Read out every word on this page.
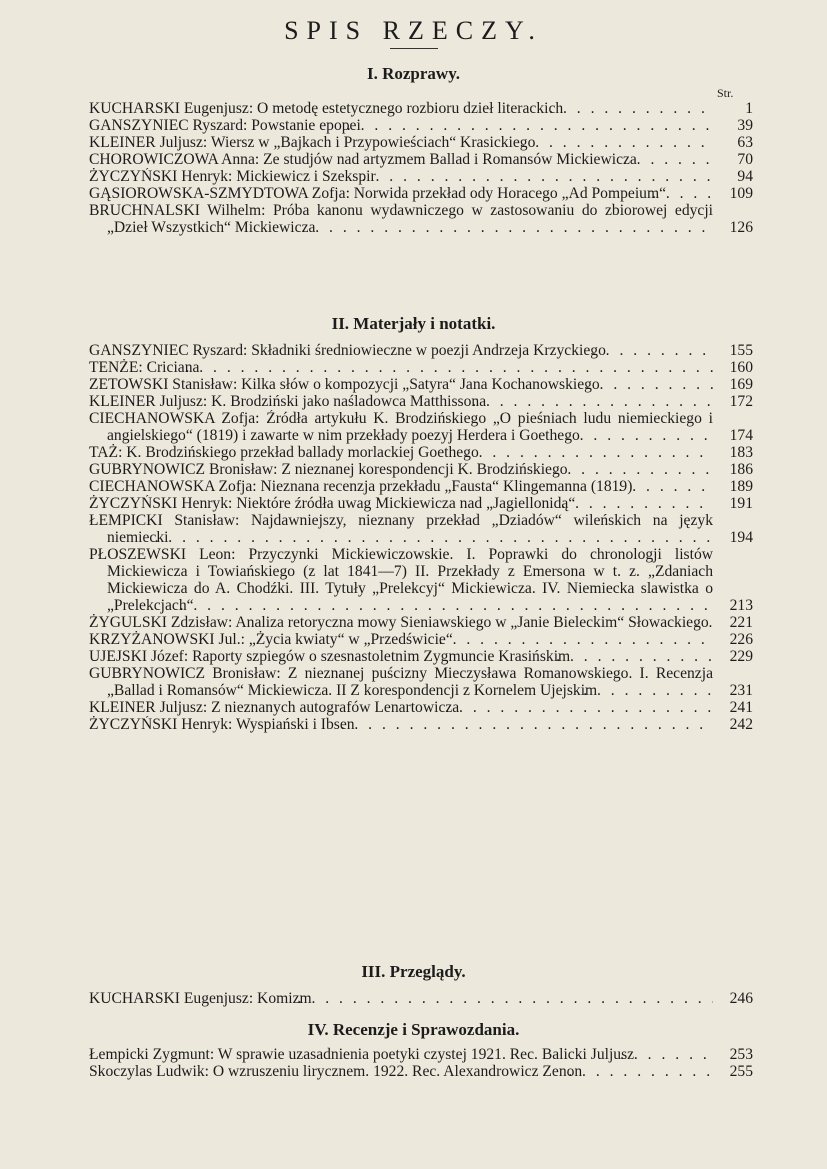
SPIS RZECZY.
I. Rozprawy.
Str.
KUCHARSKI Eugenjusz: O metodę estetycznego rozbioru dzieł literackich . . .	1
GANSZYNIEC Ryszard: Powstanie epopei . . .	39
KLEINER Juljusz: Wiersz w „Bajkach i Przypowieściach“ Krasickiego . . .	63
CHOROWICZOWA Anna: Ze studjów nad artyzmem Ballad i Romansów Mickiewicza . . .	70
ŻYCZYŃSKI Henryk: Mickiewicz i Szekspir . . .	94
GĄSIOROWSKA-SZMYDTOWA Zofja: Norwida przekład ody Horacego „Ad Pompeium“ . . .	109
BRUCHNALSKI Wilhelm: Próba kanonu wydawniczego w zastosowaniu do zbiorowej edycji „Dzieł Wszystkich“ Mickiewicza . . .	126
II. Materjały i notatki.
GANSZYNIEC Ryszard: Składniki średniowieczne w poezji Andrzeja Krzyckiego . . .	155
TENŻE: Criciana . . .	160
ZETOWSKI Stanisław: Kilka słów o kompozycji „Satyra“ Jana Kochanowskiego . . .	169
KLEINER Juljusz: K. Brodziński jako naśladowca Matthissona . . .	172
CIECHANOWSKA Zofja: Źródła artykułu K. Brodzińskiego „O pieśniach ludu niemieckiego i angielskiego“ (1819) i zawarte w nim przekłady poezyj Herdera i Goethego . . .	174
TAŻ: K. Brodzińskiego przekład ballady morlackiej Goethego . . .	183
GUBRYNOWICZ Bronisław: Z nieznanej korespondencji K. Brodzińskiego . . .	186
CIECHANOWSKA Zofja: Nieznana recenzja przekładu „Fausta“ Klingemanna (1819) . . .	189
ŻYCZYŃSKI Henryk: Niektóre źródła uwag Mickiewicza nad „Jagiellonidą“ . . .	191
ŁEMPICKI Stanisław: Najdawniejszy, nieznany przekład „Dziadów“ wileńskich na język niemiecki . . .	194
PŁOSZEWSKI Leon: Przyczynki Mickiewiczowskie. I. Poprawki do chronologji listów Mickiewicza i Towiańskiego (z lat 1841—7) II. Przekłady z Emersona w t. z. „Zdaniach Mickiewicza do A. Chodźki. III. Tytuły „Prelekcyj“ Mickiewicza. IV. Niemiecka slawistka o „Prelekcjach“ . . .	213
ŻYGULSKI Zdzisław: Analiza retoryczna mowy Sieniawskiego w „Janie Bieleckim“ Słowackiego . . .	221
KRZYŻANOWSKI Jul.: „Życia kwiaty“ w „Przedświcie“ . . .	226
UJEJSKI Józef: Raporty szpiegów o szesnastoletnim Zygmuncie Krasińskim . . .	229
GUBRYNOWICZ Bronisław: Z nieznanej puścizny Mieczysława Romanowskiego. I. Recenzja „Ballad i Romansów“ Mickiewicza. II Z korespondencji z Kornelem Ujejskim . . .	231
KLEINER Juljusz: Z nieznanych autografów Lenartowicza . . .	241
ŻYCZYŃSKI Henryk: Wyspiański i Ibsen . . .	242
III. Przeglądy.
KUCHARSKI Eugenjusz: Komizm . . .	246
IV. Recenzje i Sprawozdania.
Łempicki Zygmunt: W sprawie uzasadnienia poetyki czystej 1921. Rec. Balicki Juljusz . . .	253
Skoczylas Ludwik: O wzruszeniu lirycznem. 1922. Rec. Alexandrowicz Zenon . . .	255
